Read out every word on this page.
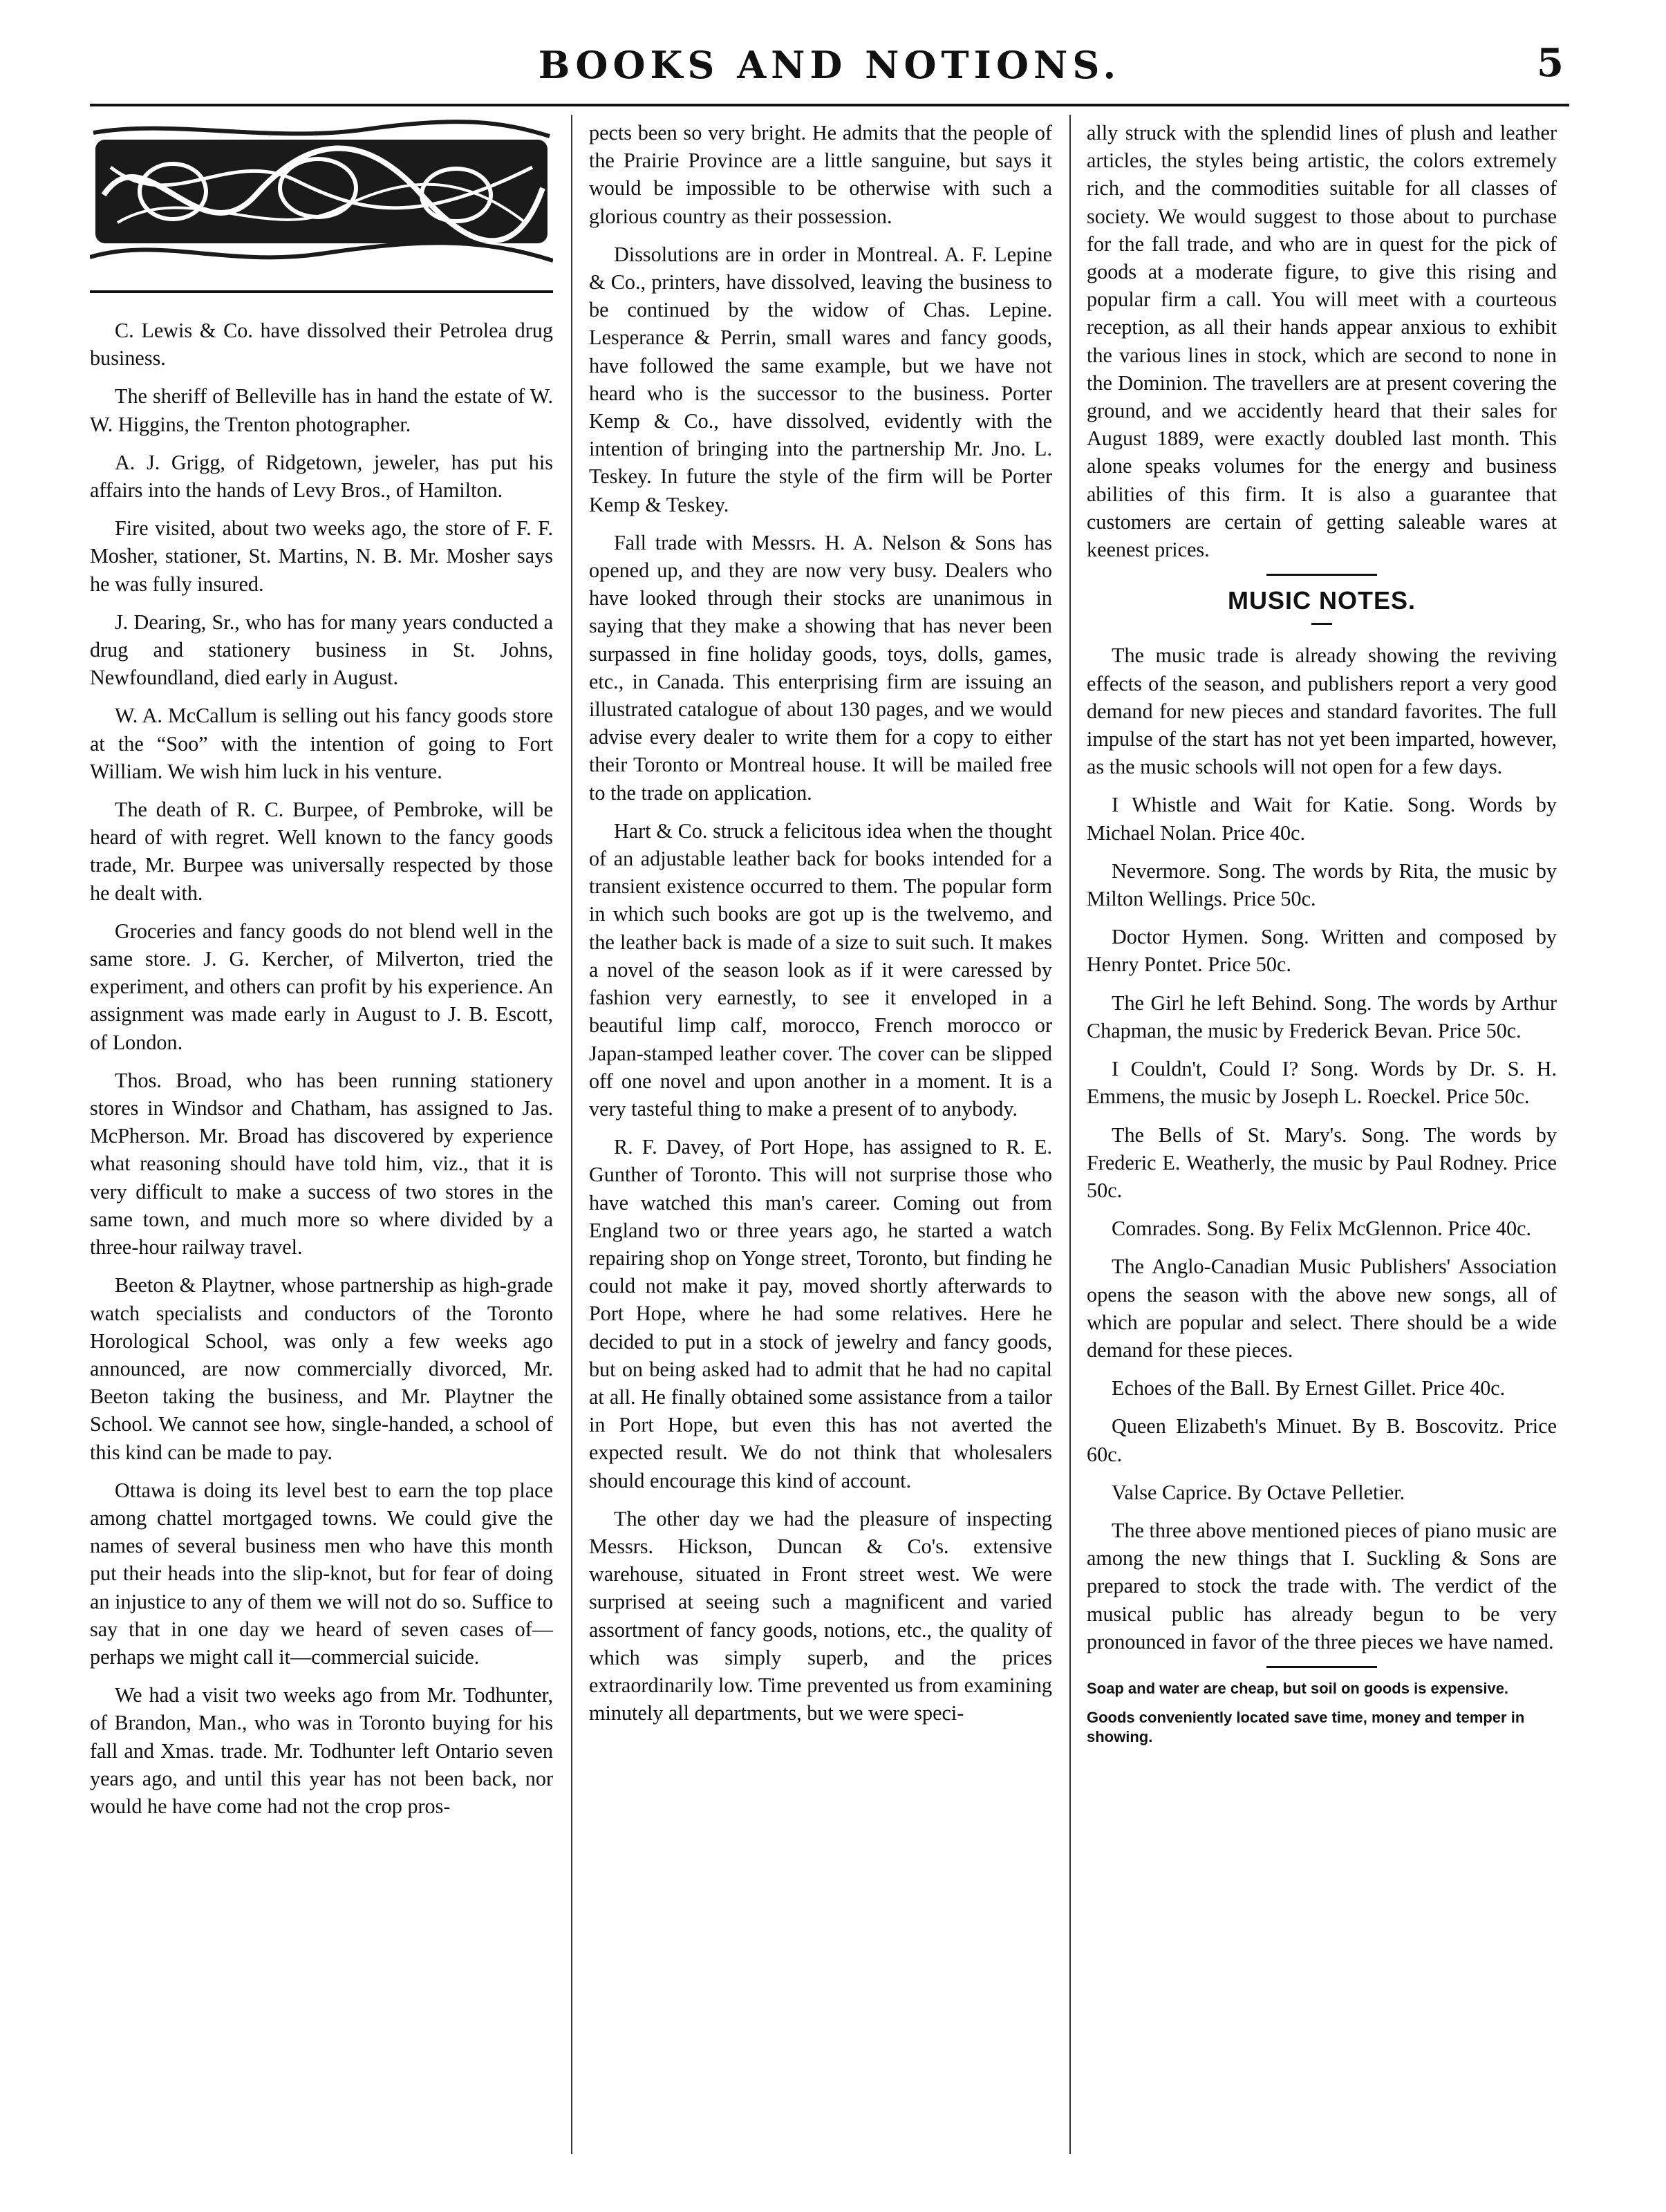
BOOKS AND NOTIONS.	5

C. Lewis & Co. have dissolved their Petrolea drug business.

The sheriff of Belleville has in hand the estate of W. W. Higgins, the Trenton photographer.

A. J. Grigg, of Ridgetown, jeweler, has put his affairs into the hands of Levy Bros., of Hamilton.

Fire visited, about two weeks ago, the store of F. F. Mosher, stationer, St. Martins, N. B. Mr. Mosher says he was fully insured.

J. Dearing, Sr., who has for many years conducted a drug and stationery business in St. Johns, Newfoundland, died early in August.

W. A. McCallum is selling out his fancy goods store at the “Soo” with the intention of going to Fort William. We wish him luck in his venture.

The death of R. C. Burpee, of Pembroke, will be heard of with regret. Well known to the fancy goods trade, Mr. Burpee was universally respected by those he dealt with.

Groceries and fancy goods do not blend well in the same store. J. G. Kercher, of Milverton, tried the experiment, and others can profit by his experience. An assignment was made early in August to J. B. Escott, of London.

Thos. Broad, who has been running stationery stores in Windsor and Chatham, has assigned to Jas. McPherson. Mr. Broad has discovered by experience what reasoning should have told him, viz., that it is very difficult to make a success of two stores in the same town, and much more so where divided by a three-hour railway travel.

Beeton & Playtner, whose partnership as high-grade watch specialists and conductors of the Toronto Horological School, was only a few weeks ago announced, are now commercially divorced, Mr. Beeton taking the business, and Mr. Playtner the School. We cannot see how, single-handed, a school of this kind can be made to pay.

Ottawa is doing its level best to earn the top place among chattel mortgaged towns. We could give the names of several business men who have this month put their heads into the slip-knot, but for fear of doing an injustice to any of them we will not do so. Suffice to say that in one day we heard of seven cases of—perhaps we might call it—commercial suicide.

We had a visit two weeks ago from Mr. Todhunter, of Brandon, Man., who was in Toronto buying for his fall and Xmas. trade. Mr. Todhunter left Ontario seven years ago, and until this year has not been back, nor would he have come had not the crop pros-

pects been so very bright. He admits that the people of the Prairie Province are a little sanguine, but says it would be impossible to be otherwise with such a glorious country as their possession.

Dissolutions are in order in Montreal. A. F. Lepine & Co., printers, have dissolved, leaving the business to be continued by the widow of Chas. Lepine. Lesperance & Perrin, small wares and fancy goods, have followed the same example, but we have not heard who is the successor to the business. Porter Kemp & Co., have dissolved, evidently with the intention of bringing into the partnership Mr. Jno. L. Teskey. In future the style of the firm will be Porter Kemp & Teskey.

Fall trade with Messrs. H. A. Nelson & Sons has opened up, and they are now very busy. Dealers who have looked through their stocks are unanimous in saying that they make a showing that has never been surpassed in fine holiday goods, toys, dolls, games, etc., in Canada. This enterprising firm are issuing an illustrated catalogue of about 130 pages, and we would advise every dealer to write them for a copy to either their Toronto or Montreal house. It will be mailed free to the trade on application.

Hart & Co. struck a felicitous idea when the thought of an adjustable leather back for books intended for a transient existence occurred to them. The popular form in which such books are got up is the twelvemo, and the leather back is made of a size to suit such. It makes a novel of the season look as if it were caressed by fashion very earnestly, to see it enveloped in a beautiful limp calf, morocco, French morocco or Japan-stamped leather cover. The cover can be slipped off one novel and upon another in a moment. It is a very tasteful thing to make a present of to anybody.

R. F. Davey, of Port Hope, has assigned to R. E. Gunther of Toronto. This will not surprise those who have watched this man's career. Coming out from England two or three years ago, he started a watch repairing shop on Yonge street, Toronto, but finding he could not make it pay, moved shortly afterwards to Port Hope, where he had some relatives. Here he decided to put in a stock of jewelry and fancy goods, but on being asked had to admit that he had no capital at all. He finally obtained some assistance from a tailor in Port Hope, but even this has not averted the expected result. We do not think that wholesalers should encourage this kind of account.

The other day we had the pleasure of inspecting Messrs. Hickson, Duncan & Co's. extensive warehouse, situated in Front street west. We were surprised at seeing such a magnificent and varied assortment of fancy goods, notions, etc., the quality of which was simply superb, and the prices extraordinarily low. Time prevented us from examining minutely all departments, but we were speci-

ally struck with the splendid lines of plush and leather articles, the styles being artistic, the colors extremely rich, and the commodities suitable for all classes of society. We would suggest to those about to purchase for the fall trade, and who are in quest for the pick of goods at a moderate figure, to give this rising and popular firm a call. You will meet with a courteous reception, as all their hands appear anxious to exhibit the various lines in stock, which are second to none in the Dominion. The travellers are at present covering the ground, and we accidently heard that their sales for August 1889, were exactly doubled last month. This alone speaks volumes for the energy and business abilities of this firm. It is also a guarantee that customers are certain of getting saleable wares at keenest prices.

MUSIC NOTES.

The music trade is already showing the reviving effects of the season, and publishers report a very good demand for new pieces and standard favorites. The full impulse of the start has not yet been imparted, however, as the music schools will not open for a few days.

I Whistle and Wait for Katie. Song. Words by Michael Nolan. Price 40c.

Nevermore. Song. The words by Rita, the music by Milton Wellings. Price 50c.

Doctor Hymen. Song. Written and composed by Henry Pontet. Price 50c.

The Girl he left Behind. Song. The words by Arthur Chapman, the music by Frederick Bevan. Price 50c.

I Couldn't, Could I? Song. Words by Dr. S. H. Emmens, the music by Joseph L. Roeckel. Price 50c.

The Bells of St. Mary's. Song. The words by Frederic E. Weatherly, the music by Paul Rodney. Price 50c.

Comrades. Song. By Felix McGlennon. Price 40c.

The Anglo-Canadian Music Publishers' Association opens the season with the above new songs, all of which are popular and select. There should be a wide demand for these pieces.

Echoes of the Ball. By Ernest Gillet. Price 40c.

Queen Elizabeth's Minuet. By B. Boscovitz. Price 60c.

Valse Caprice. By Octave Pelletier.

The three above mentioned pieces of piano music are among the new things that I. Suckling & Sons are prepared to stock the trade with. The verdict of the musical public has already begun to be very pronounced in favor of the three pieces we have named.

Soap and water are cheap, but soil on goods is expensive.
Goods conveniently located save time, money and temper in showing.
